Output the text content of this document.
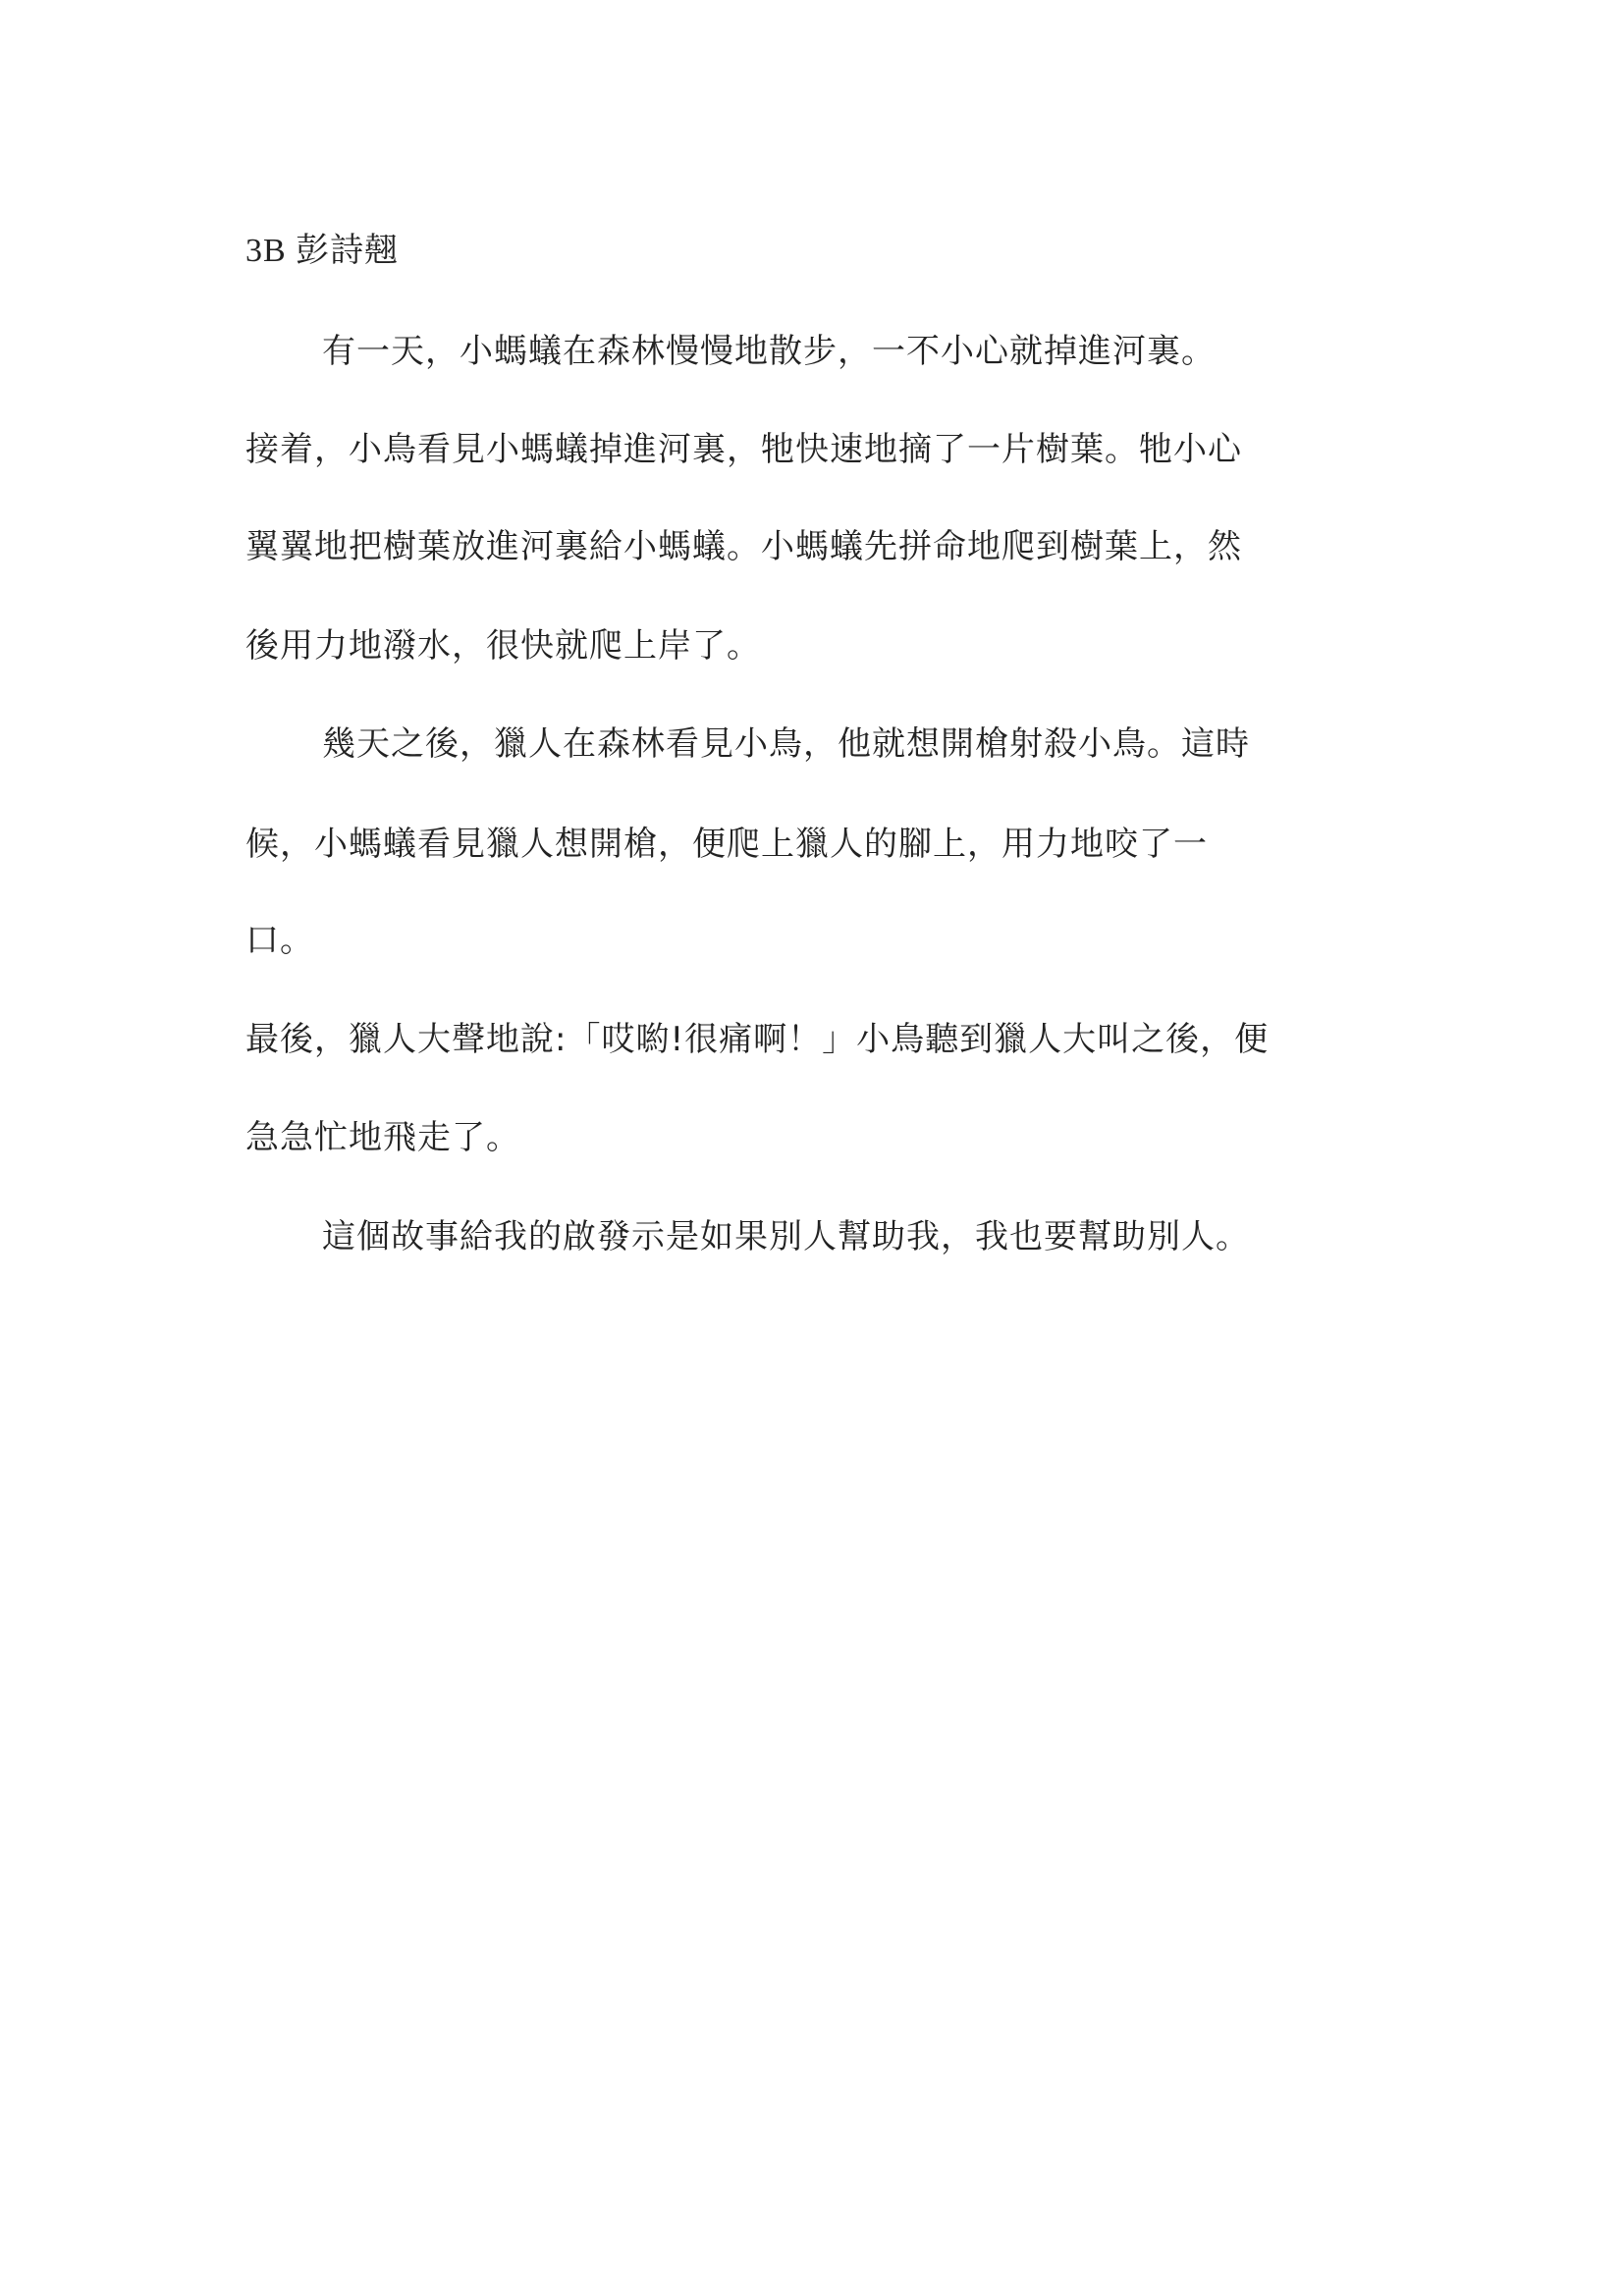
3B 彭詩翹
有一天，小螞蟻在森林慢慢地散步，一不小心就掉進河裏。
接着，小鳥看見小螞蟻掉進河裏，牠快速地摘了一片樹葉。牠小心
翼翼地把樹葉放進河裏給小螞蟻。小螞蟻先拼命地爬到樹葉上，然
後用力地潑水，很快就爬上岸了。
幾天之後，獵人在森林看見小鳥，他就想開槍射殺小鳥。這時
候，小螞蟻看見獵人想開槍，便爬上獵人的腳上，用力地咬了一
口。
最後，獵人大聲地說:「哎喲!很痛啊！」小鳥聽到獵人大叫之後，便
急急忙地飛走了。
這個故事給我的啟發示是如果別人幫助我，我也要幫助別人。
